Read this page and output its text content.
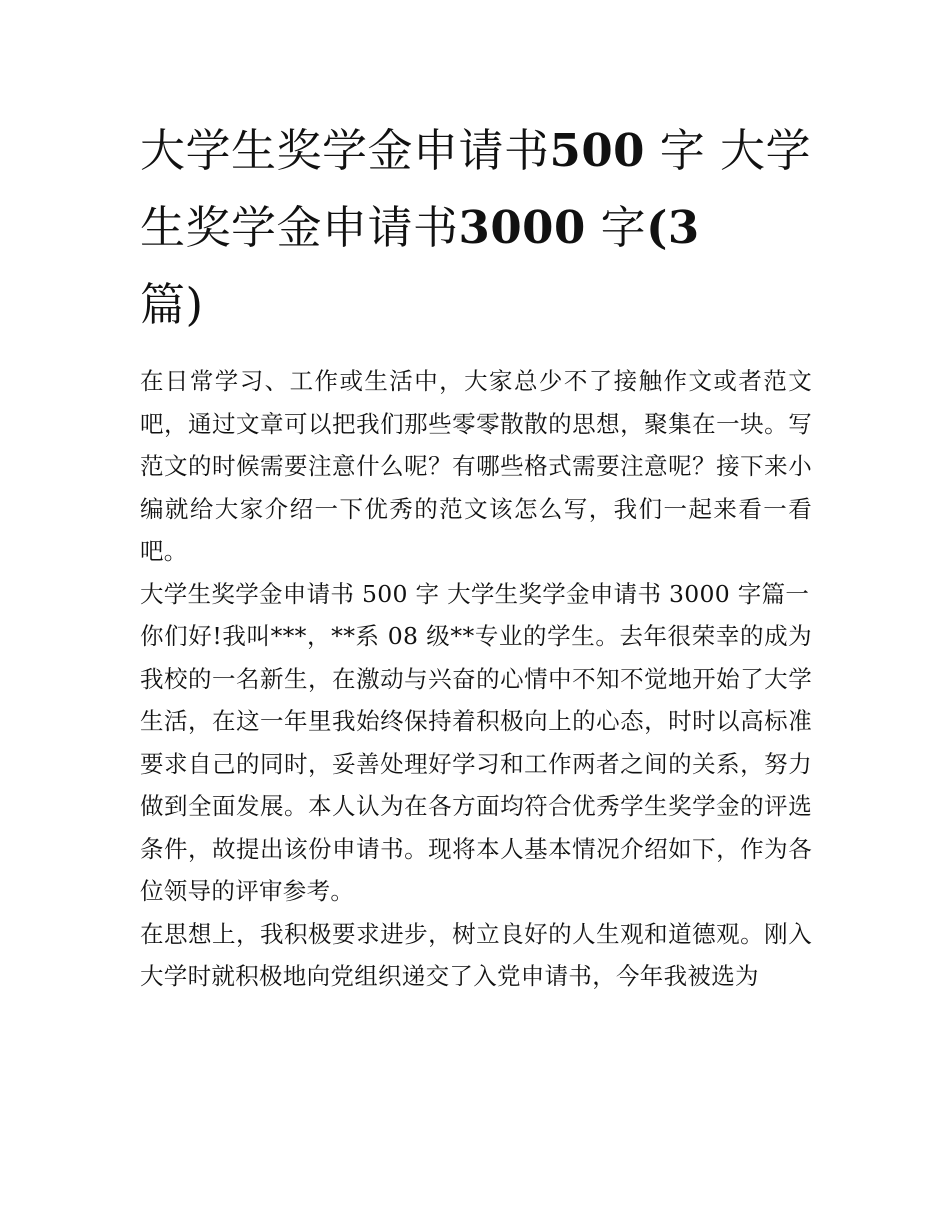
大学生奖学金申请书500 字 大学生奖学金申请书3000 字(3
篇)

在日常学习、工作或生活中，大家总少不了接触作文或者范文吧，通过文章可以把我们那些零零散散的思想，聚集在一块。写范文的时候需要注意什么呢？有哪些格式需要注意呢？接下来小编就给大家介绍一下优秀的范文该怎么写，我们一起来看一看吧。

大学生奖学金申请书 500 字 大学生奖学金申请书 3000 字篇一

你们好!我叫***，**系 08 级**专业的学生。去年很荣幸的成为我校的一名新生，在激动与兴奋的心情中不知不觉地开始了大学生活，在这一年里我始终保持着积极向上的心态，时时以高标准要求自己的同时，妥善处理好学习和工作两者之间的关系，努力做到全面发展。本人认为在各方面均符合优秀学生奖学金的评选条件，故提出该份申请书。现将本人基本情况介绍如下，作为各位领导的评审参考。

在思想上，我积极要求进步，树立良好的人生观和道德观。刚入大学时就积极地向党组织递交了入党申请书，今年我被选为
